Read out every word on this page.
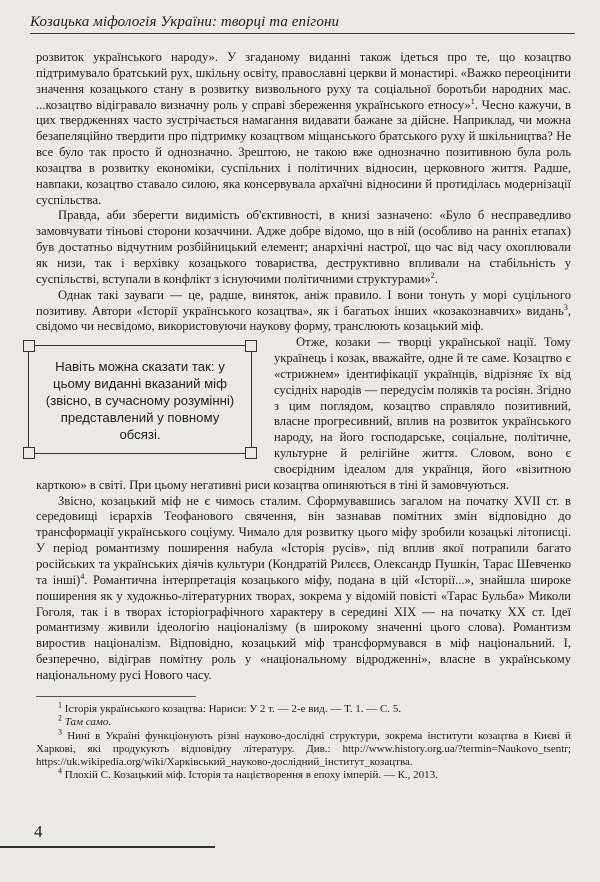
Козацька міфологія України: творці та епігони

розвиток українського народу». У згаданому виданні також ідеться про те, що козацтво підтримувало братський рух, шкільну освіту, православні церкви й монастирі. «Важко переоцінити значення козацького стану в розвитку визвольного руху та соціальної боротьби народних мас. ...козацтво відігравало визначну роль у справі збереження українського етносу»$^1$. Чесно кажучи, в цих твердженнях часто зустрічається намагання видавати бажане за дійсне. Наприклад, чи можна безапеляційно твердити про підтримку козацтвом міщанського братського руху й шкільництва? Не все було так просто й однозначно. Зрештою, не такою вже однозначно позитивною була роль козацтва в розвитку економіки, суспільних і політичних відносин, церковного життя. Радше, навпаки, козацтво ставало силою, яка консервувала архаїчні відносини й протиділась модернізації суспільства.

Правда, аби зберегти видимість об'єктивності, в книзі зазначено: «Було б несправедливо замовчувати тіньові сторони козаччини. Адже добре відомо, що в ній (особливо на ранніх етапах) був достатньо відчутним розбійницький елемент; анархічні настрої, що час від часу охоплювали як низи, так і верхівку козацького товариства, деструктивно впливали на стабільність у суспільстві, вступали в конфлікт з існуючими політичними структурами»$^2$.

Однак такі зауваги — це, радше, виняток, аніж правило. І вони тонуть у морі суцільного позитиву. Автори «Історії українського козацтва», як і багатьох інших «козакознавчих» видань$^3$, свідомо чи несвідомо, використовуючи наукову форму, транслюють козацький міф.

Навіть можна сказати так: у цьому виданні вказаний міф (звісно, в сучасному розумінні) представлений у повному обсязі.

Отже, козаки — творці української нації. Тому українець і козак, вважайте, одне й те саме. Козацтво є «стрижнем» ідентифікації українців, відрізняє їх від сусідніх народів — передусім поляків та росіян. Згідно з цим поглядом, козацтво справляло позитивний, власне прогресивний, вплив на розвиток українського народу, на його господарське, соціальне, політичне, культурне й релігійне життя. Словом, воно є своєрідним ідеалом для українця, його «візитною карткою» в світі. При цьому негативні риси козацтва опиняються в тіні й замовчуються.

Звісно, козацький міф не є чимось сталим. Сформувавшись загалом на початку XVII ст. в середовищі ієрархів Теофанового свячення, він зазнавав помітних змін відповідно до трансформації українського соціуму. Чимало для розвитку цього міфу зробили козацькі літописці. У період романтизму поширення набула «Історія русів», під вплив якої потрапили багато російських та українських діячів культури (Кондратій Рилєєв, Олександр Пушкін, Тарас Шевченко та інші)$^4$. Романтична інтерпретація козацького міфу, подана в цій «Історії...», знайшла широке поширення як у художньо-літературних творах, зокрема у відомій повісті «Тарас Бульба» Миколи Гоголя, так і в творах історіографічного характеру в середині XIX — на початку XX ст. Ідеї романтизму живили ідеологію націоналізму (в широкому значенні цього слова). Романтизм виростив націоналізм. Відповідно, козацький міф трансформувався в міф національний. І, безперечно, відіграв помітну роль у «національному відродженні», власне в українському національному русі Нового часу.

$^1$ Історія українського козацтва: Нариси: У 2 т. — 2-е вид. — Т. 1. — С. 5.
$^2$ Там само.
$^3$ Нині в Україні функціонують різні науково-дослідні структури, зокрема інститути козацтва в Києві й Харкові, які продукують відповідну літературу. Див.: http://www.history.org.ua/?termin=Naukovo_tsentr; https://uk.wikipedia.org/wiki/Харківський_науково-дослідний_інститут_козацтва.
$^4$ Плохій С. Козацький міф. Історія та націєтворення в епоху імперій. — К., 2013.
4
